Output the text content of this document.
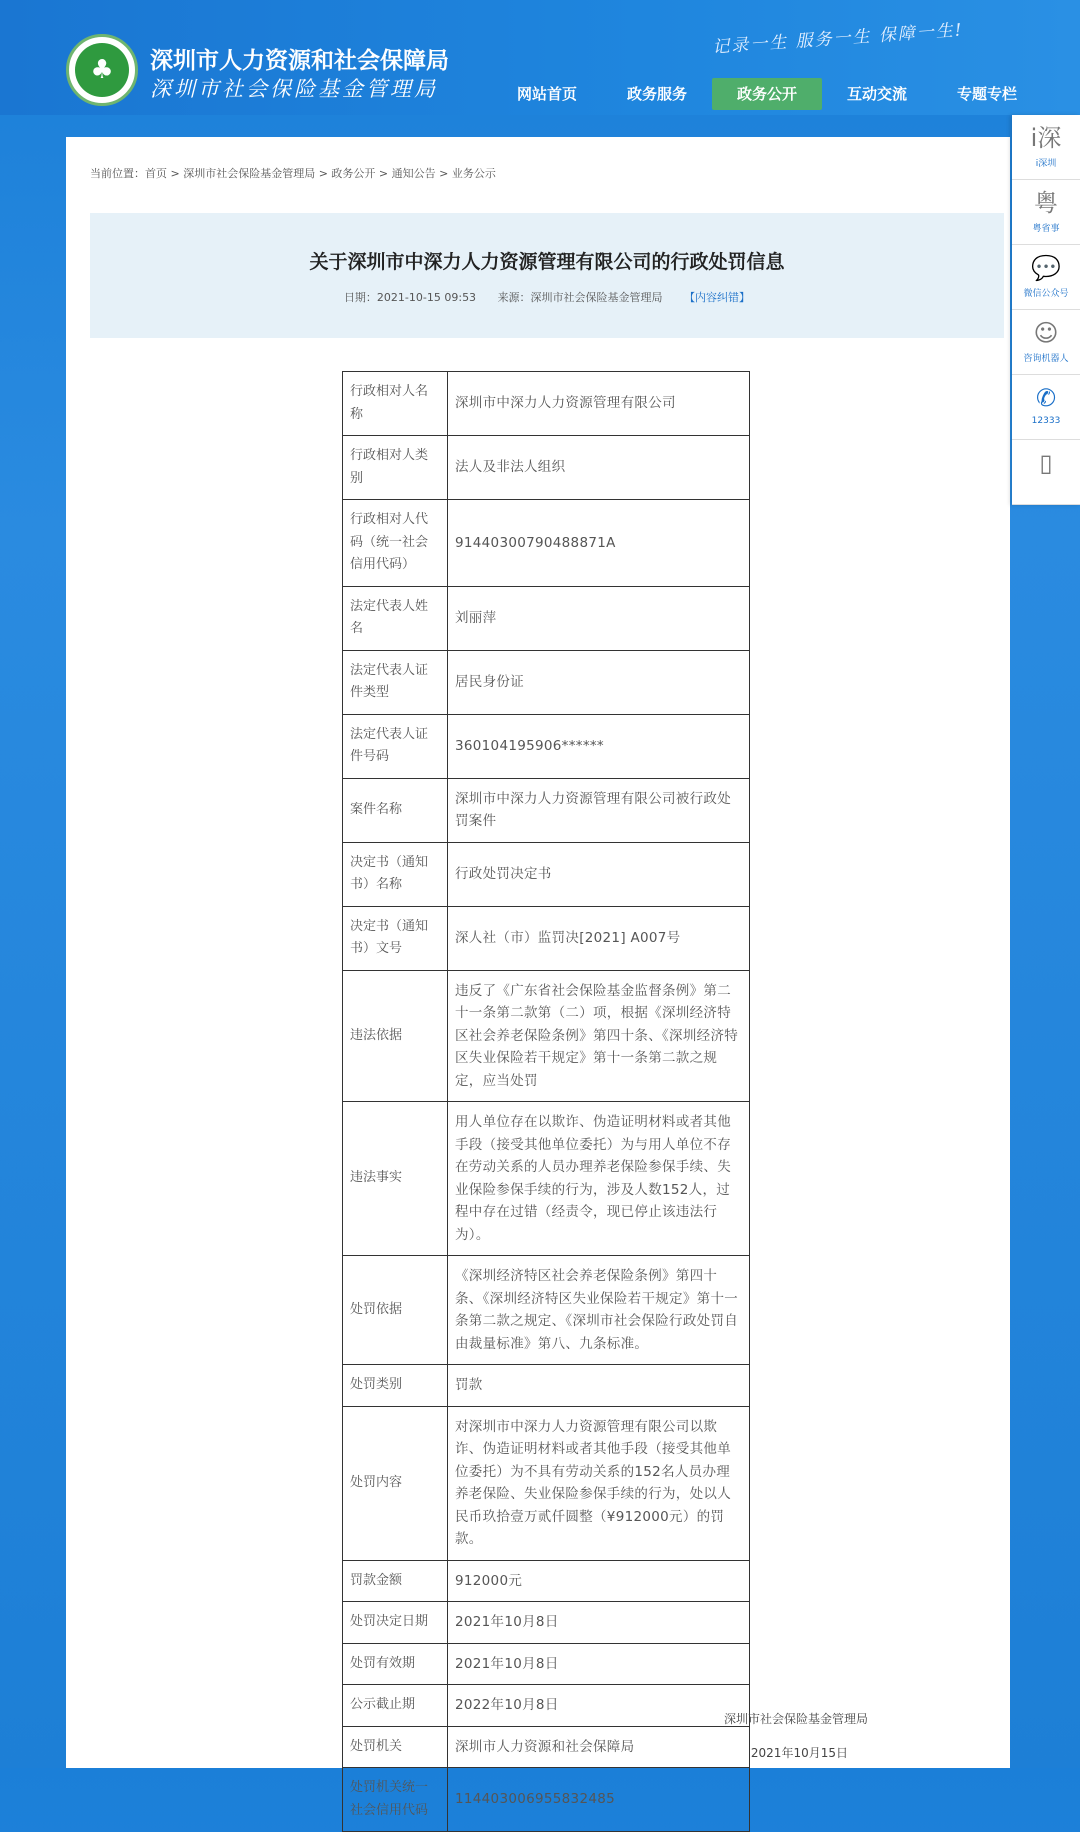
♣	深圳市人力资源和社会保障局
深圳市社会保险基金管理局
记录一生 服务一生 保障一生!
网站首页	政务服务	政务公开	互动交流	专题专栏
当前位置：首页 > 深圳市社会保险基金管理局 > 政务公开 > 通知公告 > 业务公示
关于深圳市中深力人力资源管理有限公司的行政处罚信息
日期：2021-10-15 09:53 来源：深圳市社会保险基金管理局 【内容纠错】
行政相对人名称	深圳市中深力人力资源管理有限公司
行政相对人类别	法人及非法人组织
行政相对人代码（统一社会信用代码）	91440300790488871A
法定代表人姓名	刘丽萍
法定代表人证件类型	居民身份证
法定代表人证件号码	360104195906******
案件名称	深圳市中深力人力资源管理有限公司被行政处罚案件
决定书（通知书）名称	行政处罚决定书
决定书（通知书）文号	深人社（市）监罚决[2021] A007号
违法依据	违反了《广东省社会保险基金监督条例》第二十一条第二款第（二）项，根据《深圳经济特区社会养老保险条例》第四十条、《深圳经济特区失业保险若干规定》第十一条第二款之规定，应当处罚
违法事实	用人单位存在以欺诈、伪造证明材料或者其他手段（接受其他单位委托）为与用人单位不存在劳动关系的人员办理养老保险参保手续、失业保险参保手续的行为，涉及人数152人，过程中存在过错（经责令，现已停止该违法行为）。
处罚依据	《深圳经济特区社会养老保险条例》第四十条、《深圳经济特区失业保险若干规定》第十一条第二款之规定、《深圳市社会保险行政处罚自由裁量标准》第八、九条标准。
处罚类别	罚款
处罚内容	对深圳市中深力人力资源管理有限公司以欺诈、伪造证明材料或者其他手段（接受其他单位委托）为不具有劳动关系的152名人员办理养老保险、失业保险参保手续的行为，处以人民币玖拾壹万贰仟圆整（¥912000元）的罚款。
罚款金额	912000元
处罚决定日期	2021年10月8日
处罚有效期	2021年10月8日
公示截止期	2022年10月8日
处罚机关	深圳市人力资源和社会保障局
处罚机关统一社会信用代码	114403006955832485
深圳市社会保险基金管理局
2021年10月15日
i深
i深圳
粤
粤省事
💬
微信公众号
☺
咨询机器人
✆
12333
▯
